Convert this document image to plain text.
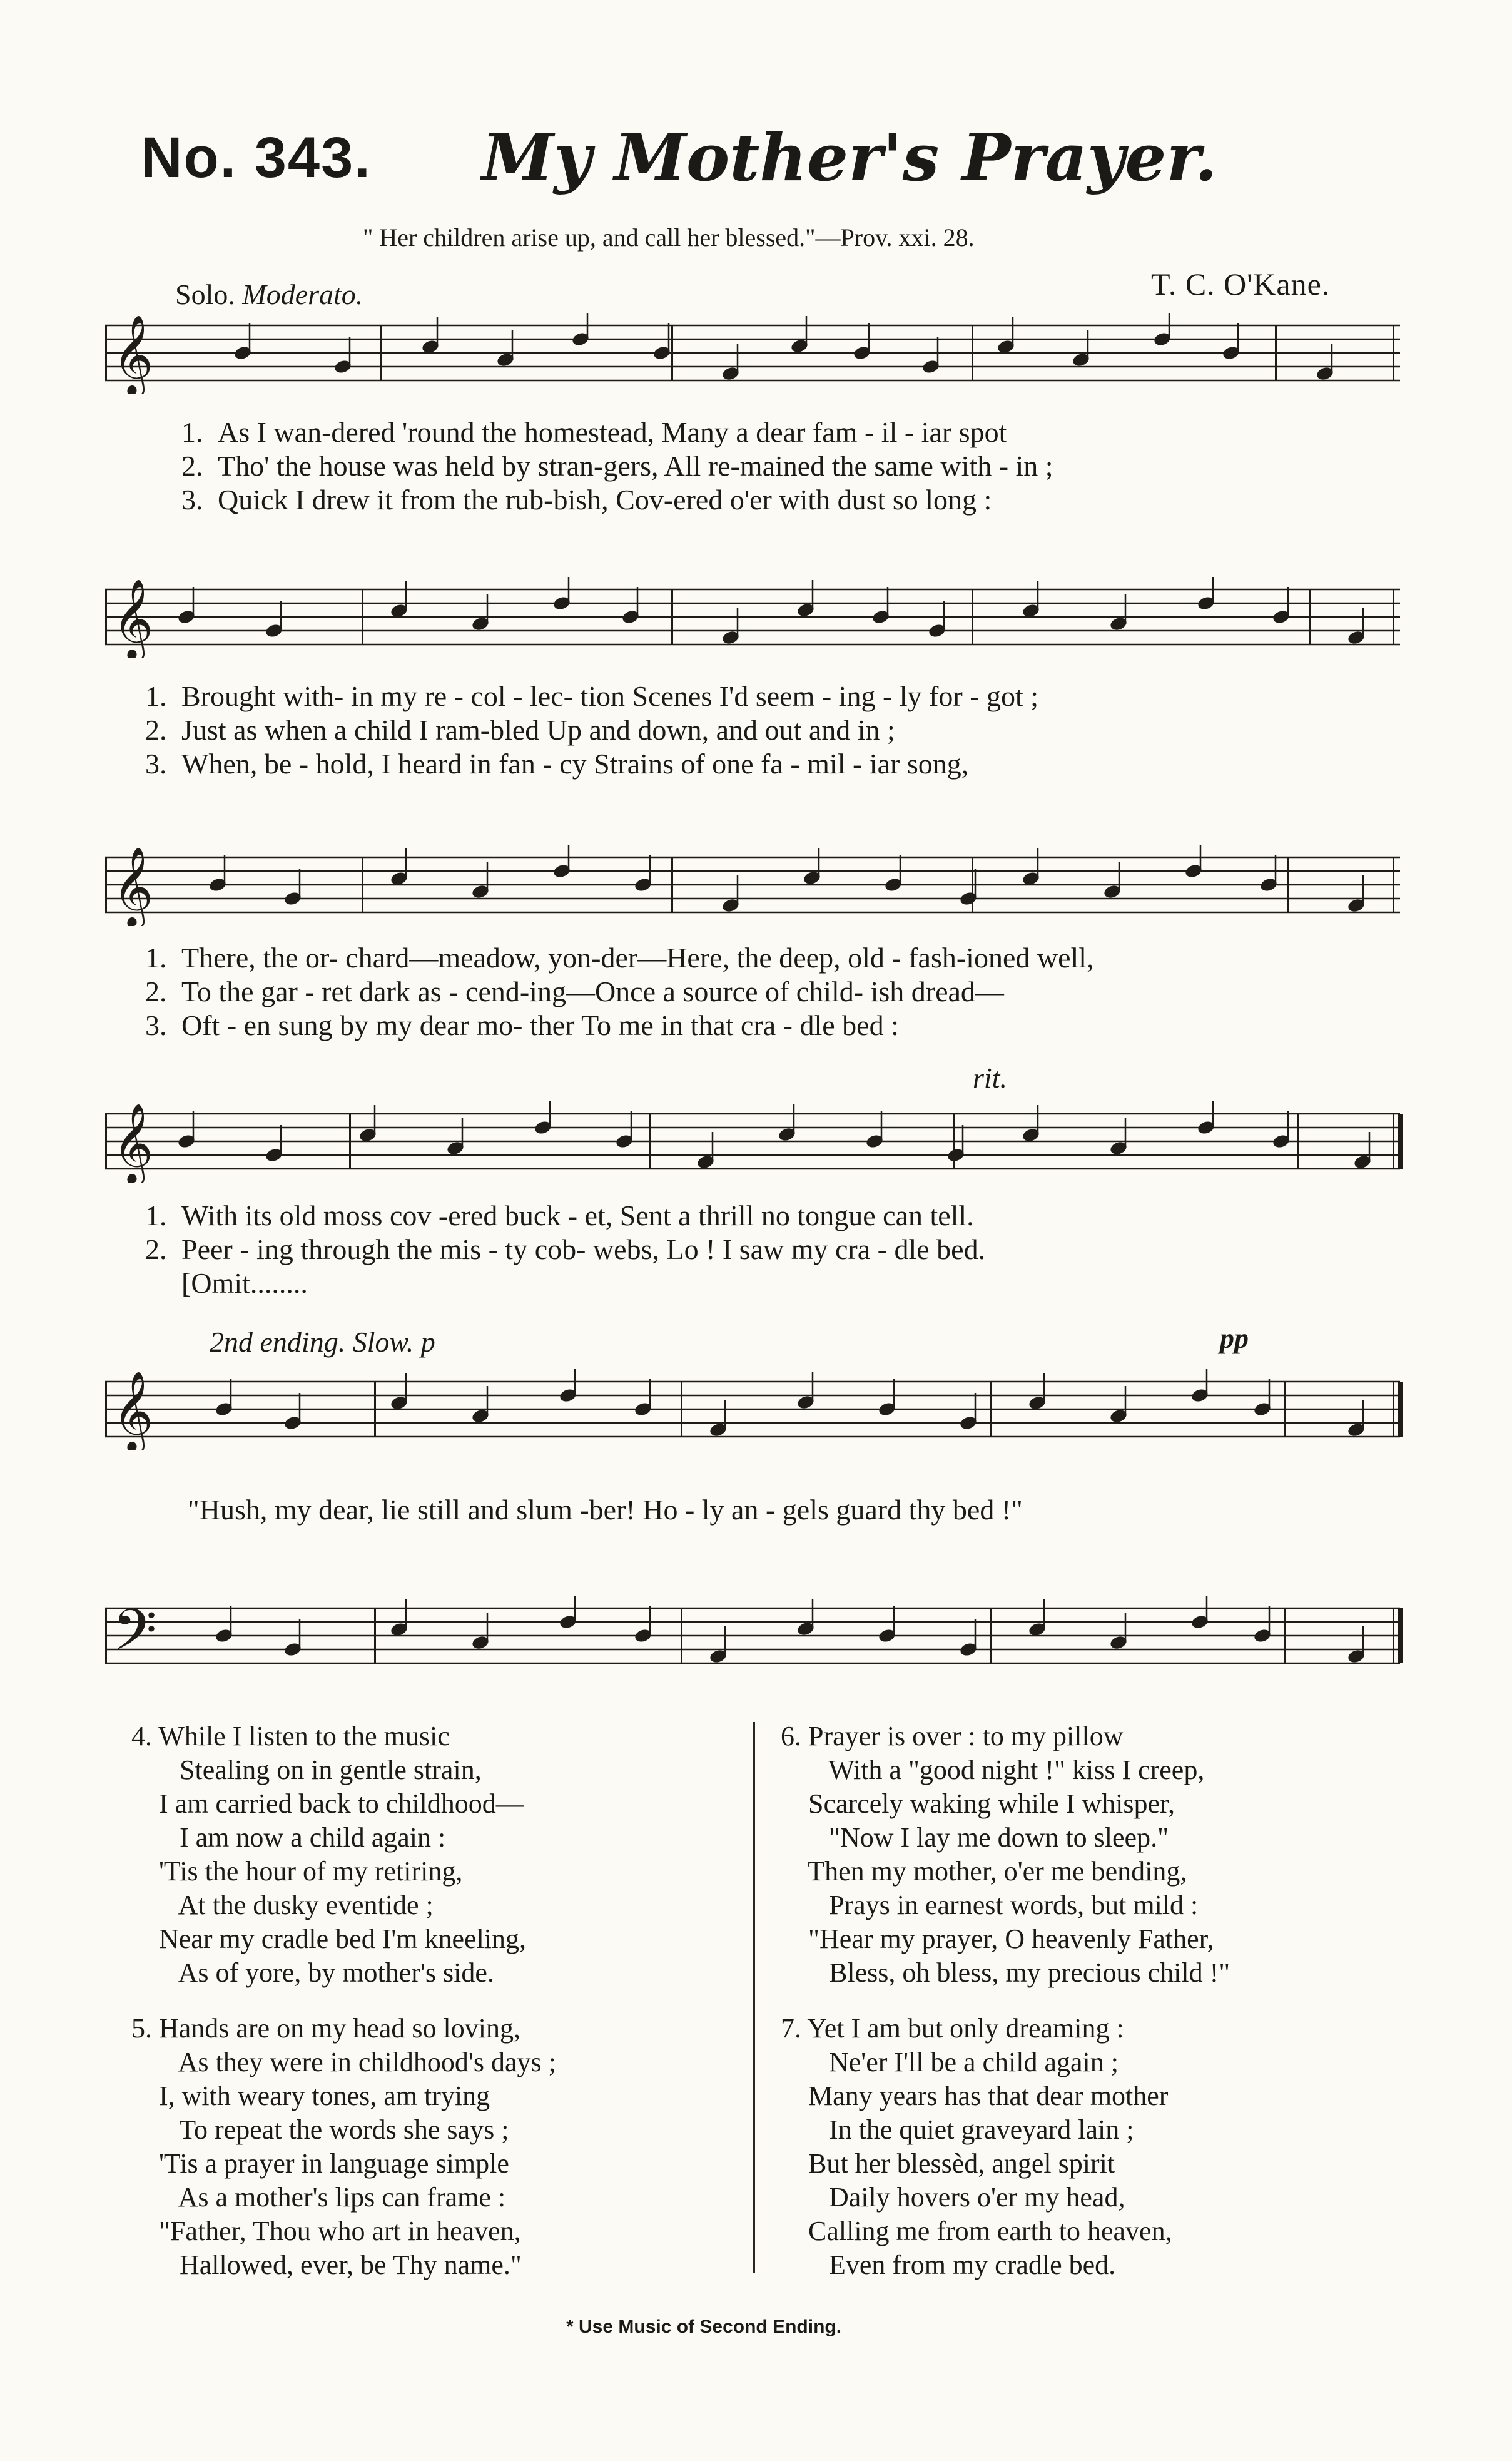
No. 343. My Mother's Prayer.
" Her children arise up, and call her blessed."—Prov. xxi. 28.
Solo. Moderato.	T. C. O'Kane.
𝄞
𝄞
𝄞
𝄞
𝄞
𝄢
1. As I wan-dered 'round the homestead, Many a dear fam - il - iar spot
2. Tho' the house was held by stran-gers, All re-mained the same with - in ;
3. Quick I drew it from the rub-bish, Cov-ered o'er with dust so long :
1. Brought with- in my re - col - lec- tion Scenes I'd seem - ing - ly for - got ;
2. Just as when a child I ram-bled Up and down, and out and in ;
3. When, be - hold, I heard in fan - cy Strains of one fa - mil - iar song,
1. There, the or- chard—meadow, yon-der—Here, the deep, old - fash-ioned well,
2. To the gar - ret dark as - cend-ing—Once a source of child- ish dread—
3. Oft - en sung by my dear mo- ther To me in that cra - dle bed :
rit.
1. With its old moss cov -ered buck - et, Sent a thrill no tongue can tell.
2. Peer - ing through the mis - ty cob- webs, Lo ! I saw my cra - dle bed.
[Omit........
2nd ending. Slow. p	pp
"Hush, my dear, lie still and slum -ber! Ho - ly an - gels guard thy bed !"
4. While I listen to the music
Stealing on in gentle strain,
I am carried back to childhood—
I am now a child again :
'Tis the hour of my retiring,
At the dusky eventide ;
Near my cradle bed I'm kneeling,
As of yore, by mother's side.
5. Hands are on my head so loving,
As they were in childhood's days ;
I, with weary tones, am trying
To repeat the words she says ;
'Tis a prayer in language simple
As a mother's lips can frame :
"Father, Thou who art in heaven,
Hallowed, ever, be Thy name."
6. Prayer is over : to my pillow
With a "good night !" kiss I creep,
Scarcely waking while I whisper,
"Now I lay me down to sleep."
Then my mother, o'er me bending,
Prays in earnest words, but mild :
"Hear my prayer, O heavenly Father,
Bless, oh bless, my precious child !"
7. Yet I am but only dreaming :
Ne'er I'll be a child again ;
Many years has that dear mother
In the quiet graveyard lain ;
But her blessèd, angel spirit
Daily hovers o'er my head,
Calling me from earth to heaven,
Even from my cradle bed.
* Use Music of Second Ending.
